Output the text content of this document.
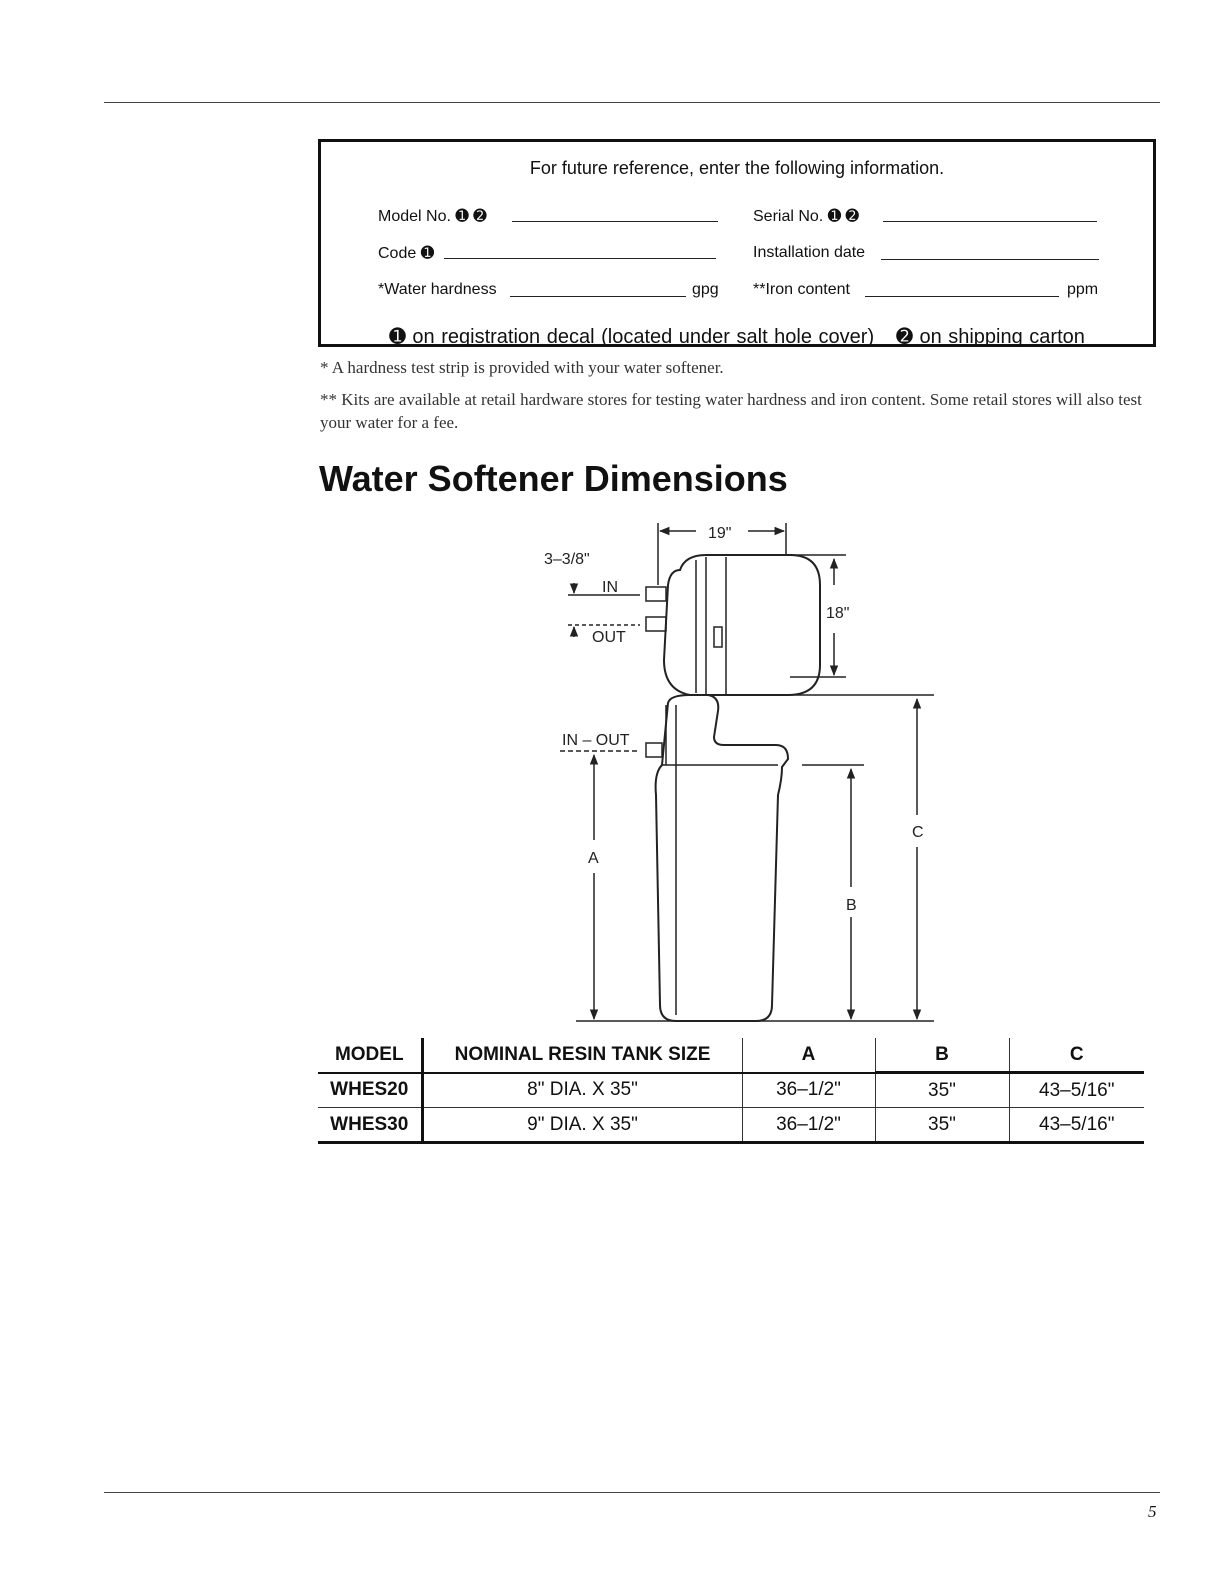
For future reference, enter the following information.
Model No. ➊ ➋	Serial No. ➊ ➋
Code ➊	Installation date
*Water hardness	gpg **Iron content	ppm
➊ on registration decal (located under salt hole cover) ➋ on shipping carton
* A hardness test strip is provided with your water softener.
** Kits are available at retail hardware stores for testing water hardness and iron content. Some retail stores will also test your water for a fee.
Water Softener Dimensions
19"
18"
3–3/8"
IN
OUT
IN – OUT
A
B
C
MODEL	NOMINAL RESIN TANK SIZE	A	B	C
WHES20	8" DIA. X 35"	36–1/2"	35"	43–5/16"
WHES30	9" DIA. X 35"	36–1/2"	35"	43–5/16"
5
